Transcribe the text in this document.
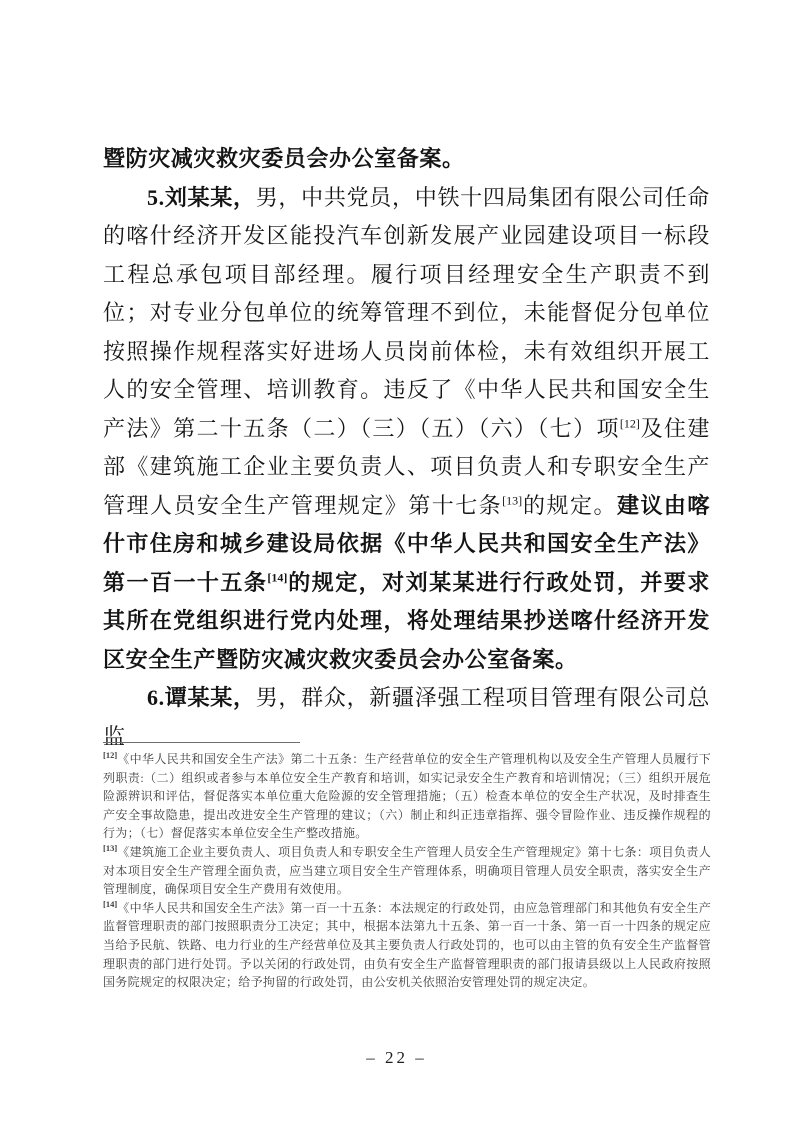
暨防灾减灾救灾委员会办公室备案。

5.刘某某，男，中共党员，中铁十四局集团有限公司任命的喀什经济开发区能投汽车创新发展产业园建设项目一标段工程总承包项目部经理。履行项目经理安全生产职责不到位；对专业分包单位的统筹管理不到位，未能督促分包单位按照操作规程落实好进场人员岗前体检，未有效组织开展工人的安全管理、培训教育。违反了《中华人民共和国安全生产法》第二十五条（二）（三）（五）（六）（七）项[12]及住建部《建筑施工企业主要负责人、项目负责人和专职安全生产管理人员安全生产管理规定》第十七条[13]的规定。建议由喀什市住房和城乡建设局依据《中华人民共和国安全生产法》第一百一十五条[14]的规定，对刘某某进行行政处罚，并要求其所在党组织进行党内处理，将处理结果抄送喀什经济开发区安全生产暨防灾减灾救灾委员会办公室备案。

6.谭某某，男，群众，新疆泽强工程项目管理有限公司总监

[12]《中华人民共和国安全生产法》第二十五条：生产经营单位的安全生产管理机构以及安全生产管理人员履行下列职责:（二）组织或者参与本单位安全生产教育和培训，如实记录安全生产教育和培训情况；（三）组织开展危险源辨识和评估，督促落实本单位重大危险源的安全管理措施；（五）检查本单位的安全生产状况，及时排查生产安全事故隐患，提出改进安全生产管理的建议；（六）制止和纠正违章指挥、强令冒险作业、违反操作规程的行为；（七）督促落实本单位安全生产整改措施。

[13]《建筑施工企业主要负责人、项目负责人和专职安全生产管理人员安全生产管理规定》第十七条：项目负责人对本项目安全生产管理全面负责，应当建立项目安全生产管理体系，明确项目管理人员安全职责，落实安全生产管理制度，确保项目安全生产费用有效使用。

[14]《中华人民共和国安全生产法》第一百一十五条：本法规定的行政处罚，由应急管理部门和其他负有安全生产监督管理职责的部门按照职责分工决定；其中，根据本法第九十五条、第一百一十条、第一百一十四条的规定应当给予民航、铁路、电力行业的生产经营单位及其主要负责人行政处罚的，也可以由主管的负有安全生产监督管理职责的部门进行处罚。予以关闭的行政处罚，由负有安全生产监督管理职责的部门报请县级以上人民政府按照国务院规定的权限决定；给予拘留的行政处罚，由公安机关依照治安管理处罚的规定决定。

– 22 –
